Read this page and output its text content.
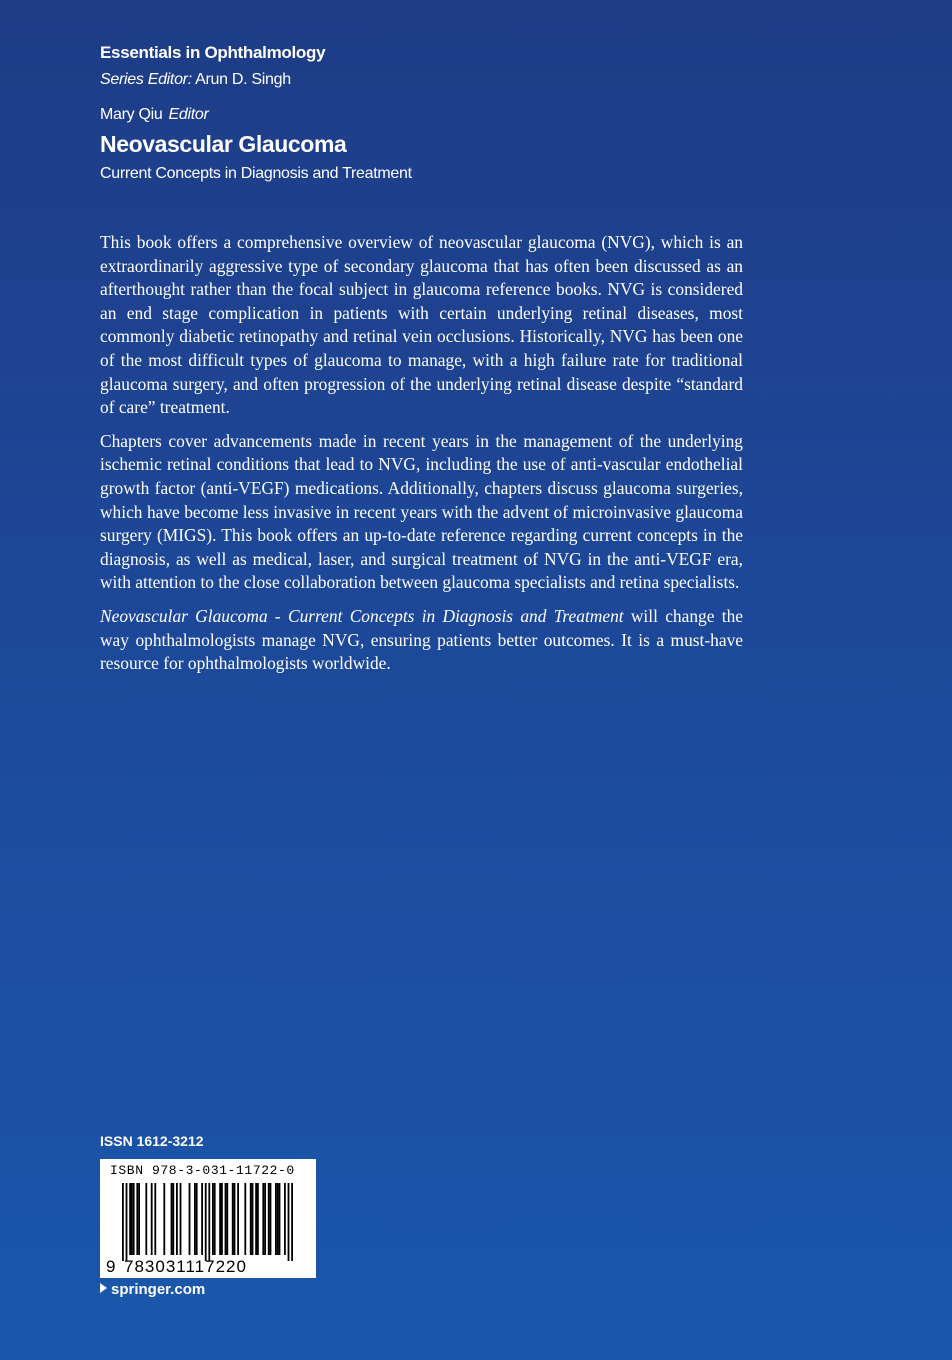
Essentials in Ophthalmology
Series Editor: Arun D. Singh
Mary Qiu Editor
Neovascular Glaucoma
Current Concepts in Diagnosis and Treatment

This book offers a comprehensive overview of neovascular glaucoma (NVG), which is an extraordinarily aggressive type of secondary glaucoma that has often been discussed as an afterthought rather than the focal subject in glaucoma reference books. NVG is considered an end stage complication in patients with certain underlying retinal diseases, most commonly diabetic retinopathy and retinal vein occlusions. Historically, NVG has been one of the most difficult types of glaucoma to manage, with a high failure rate for traditional glaucoma surgery, and often progression of the underlying retinal disease despite “standard of care” treatment.

Chapters cover advancements made in recent years in the management of the underlying ischemic retinal conditions that lead to NVG, including the use of anti-vascular endothelial growth factor (anti-VEGF) medications. Additionally, chapters discuss glaucoma surgeries, which have become less invasive in recent years with the advent of microinvasive glaucoma surgery (MIGS). This book offers an up-to-date reference regarding current concepts in the diagnosis, as well as medical, laser, and surgical treatment of NVG in the anti-VEGF era, with attention to the close collaboration between glaucoma specialists and retina specialists.

Neovascular Glaucoma - Current Concepts in Diagnosis and Treatment will change the way ophthalmologists manage NVG, ensuring patients better outcomes. It is a must-have resource for ophthalmologists worldwide.

ISSN 1612-3212
ISBN 978-3-031-11722-0
9 783031117220
springer.com
